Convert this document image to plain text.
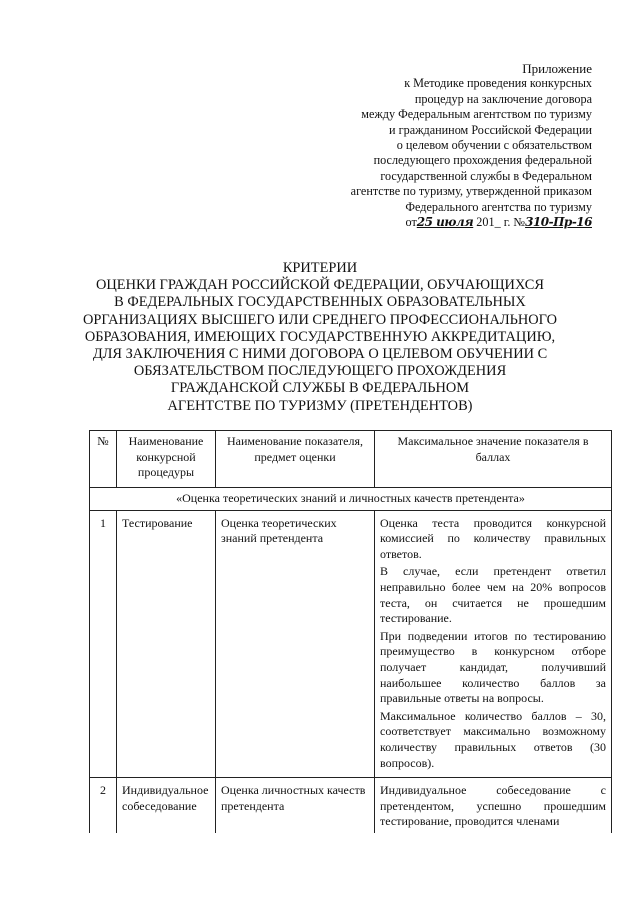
Приложение
к Методике проведения конкурсных
процедур на заключение договора
между Федеральным агентством по туризму
и гражданином Российской Федерации
о целевом обучении с обязательством
последующего прохождения федеральной
государственной службы в Федеральном
агентстве по туризму, утвержденной приказом
Федерального агентства по туризму
от25 июля 201_ г. №310-Пр-16
КРИТЕРИИ
ОЦЕНКИ ГРАЖДАН РОССИЙСКОЙ ФЕДЕРАЦИИ, ОБУЧАЮЩИХСЯ
В ФЕДЕРАЛЬНЫХ ГОСУДАРСТВЕННЫХ ОБРАЗОВАТЕЛЬНЫХ
ОРГАНИЗАЦИЯХ ВЫСШЕГО ИЛИ СРЕДНЕГО ПРОФЕССИОНАЛЬНОГО
ОБРАЗОВАНИЯ, ИМЕЮЩИХ ГОСУДАРСТВЕННУЮ АККРЕДИТАЦИЮ,
ДЛЯ ЗАКЛЮЧЕНИЯ С НИМИ ДОГОВОРА О ЦЕЛЕВОМ ОБУЧЕНИИ С
ОБЯЗАТЕЛЬСТВОМ ПОСЛЕДУЮЩЕГО ПРОХОЖДЕНИЯ
ГРАЖДАНСКОЙ СЛУЖБЫ В ФЕДЕРАЛЬНОМ
АГЕНТСТВЕ ПО ТУРИЗМУ (ПРЕТЕНДЕНТОВ)
№	Наименование конкурсной процедуры	Наименование показателя, предмет оценки	Максимальное значение показателя в баллах
«Оценка теоретических знаний и личностных качеств претендента»			
1	Тестирование	Оценка теоретических знаний претендента	Оценка теста проводится конкурсной комиссией по количеству правильных ответов.

В случае, если претендент ответил неправильно более чем на 20% вопросов теста, он считается не прошедшим тестирование.

При подведении итогов по тестированию преимущество в конкурсном отборе получает кандидат, получивший наибольшее количество баллов за правильные ответы на вопросы.

Максимальное количество баллов – 30, соответствует максимально возможному количеству правильных ответов (30 вопросов).

2	Индивидуальное собеседование	Оценка личностных качеств претендента	Индивидуальное собеседование с претендентом, успешно прошедшим тестирование, проводится членами
